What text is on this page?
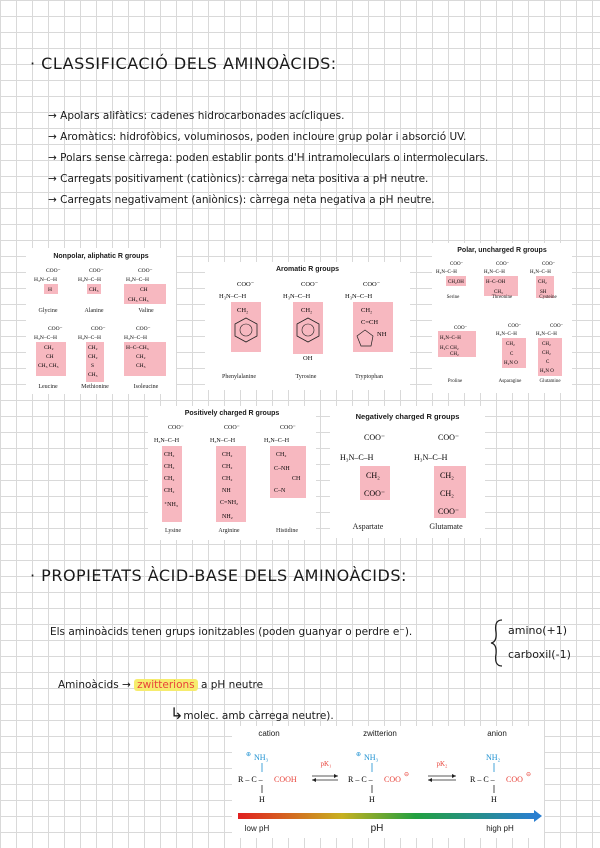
· CLASSIFICACIÓ DELS AMINOÀCIDS:
→ Apolars alifàtics: cadenes hidrocarbonades acícliques.
→ Aromàtics: hidrofòbics, voluminosos, poden incloure grup polar i absorció UV.
→ Polars sense càrrega: poden establir ponts d'H intramoleculars o intermoleculars.
→ Carregats positivament (catiònics): càrrega neta positiva a pH neutre.
→ Carregats negativament (aniònics): càrrega neta negativa a pH neutre.
Nonpolar, aliphatic R groups
COO⁻
H₃N–C–H
H
COO⁻
H₃N–C–H
CH₃
COO⁻
H₃N–C–H
CH
CH₃ CH₃
COO⁻
H₃N–C–H
CH₂
CH
CH₃ CH₃
COO⁻
H₃N–C–H
CH₂
CH₂
S
CH₃
COO⁻
H₃N–C–H
H–C–CH₃
CH₂
CH₃
Glycine	Alanine	Valine
Leucine	Methionine	Isoleucine
Aromatic R groups
COO⁻
H₃N–C–H
CH₂
COO⁻
H₃N–C–H
CH₂
OH
COO⁻
H₃N–C–H
CH₂
C=CH
NH
Phenylalanine	Tyrosine	Tryptophan
Polar, uncharged R groups
COO⁻
H₃N–C–H
CH₂OH
COO⁻
H₃N–C–H
H–C–OH
CH₃
COO⁻
H₃N–C–H
CH₂
SH
COO⁻
H₂N–C–H
H₂C CH₂
CH₂
COO⁻
H₃N–C–H
CH₂
C
H₂N O
COO⁻
H₃N–C–H
CH₂
CH₂
C
H₂N O
Serine	Threonine	Cysteine
Proline	Asparagine	Glutamine
Positively charged R groups
COO⁻
H₃N–C–H
CH₂
CH₂
CH₂
CH₂
⁺NH₃
COO⁻
H₃N–C–H
CH₂
CH₂
CH₂
NH
C=NH₂
NH₂
COO⁻
H₃N–C–H
CH₂
C–NH
CH
C–N
Lysine	Arginine	Histidine
Negatively charged R groups
COO⁻
H₃N–C–H
CH₂
COO⁻
COO⁻
H₃N–C–H
CH₂
CH₂
COO⁻
Aspartate	Glutamate
· PROPIETATS ÀCID-BASE DELS AMINOÀCIDS:
Els aminoàcids tenen grups ionitzables (poden guanyar o perdre e⁻).	amino(+1)
carboxil(-1)
Aminoàcids → zwitterions a pH neutre
↳molec. amb càrrega neutre).
cation	zwitterion	anion
⊕ NH₃
R – C – COOH
H
⊕ NH₃
R – C – COO ⊖
H
NH₂
R – C – COO ⊖
H
pK₁	pK₂
low pH	pH	high pH
